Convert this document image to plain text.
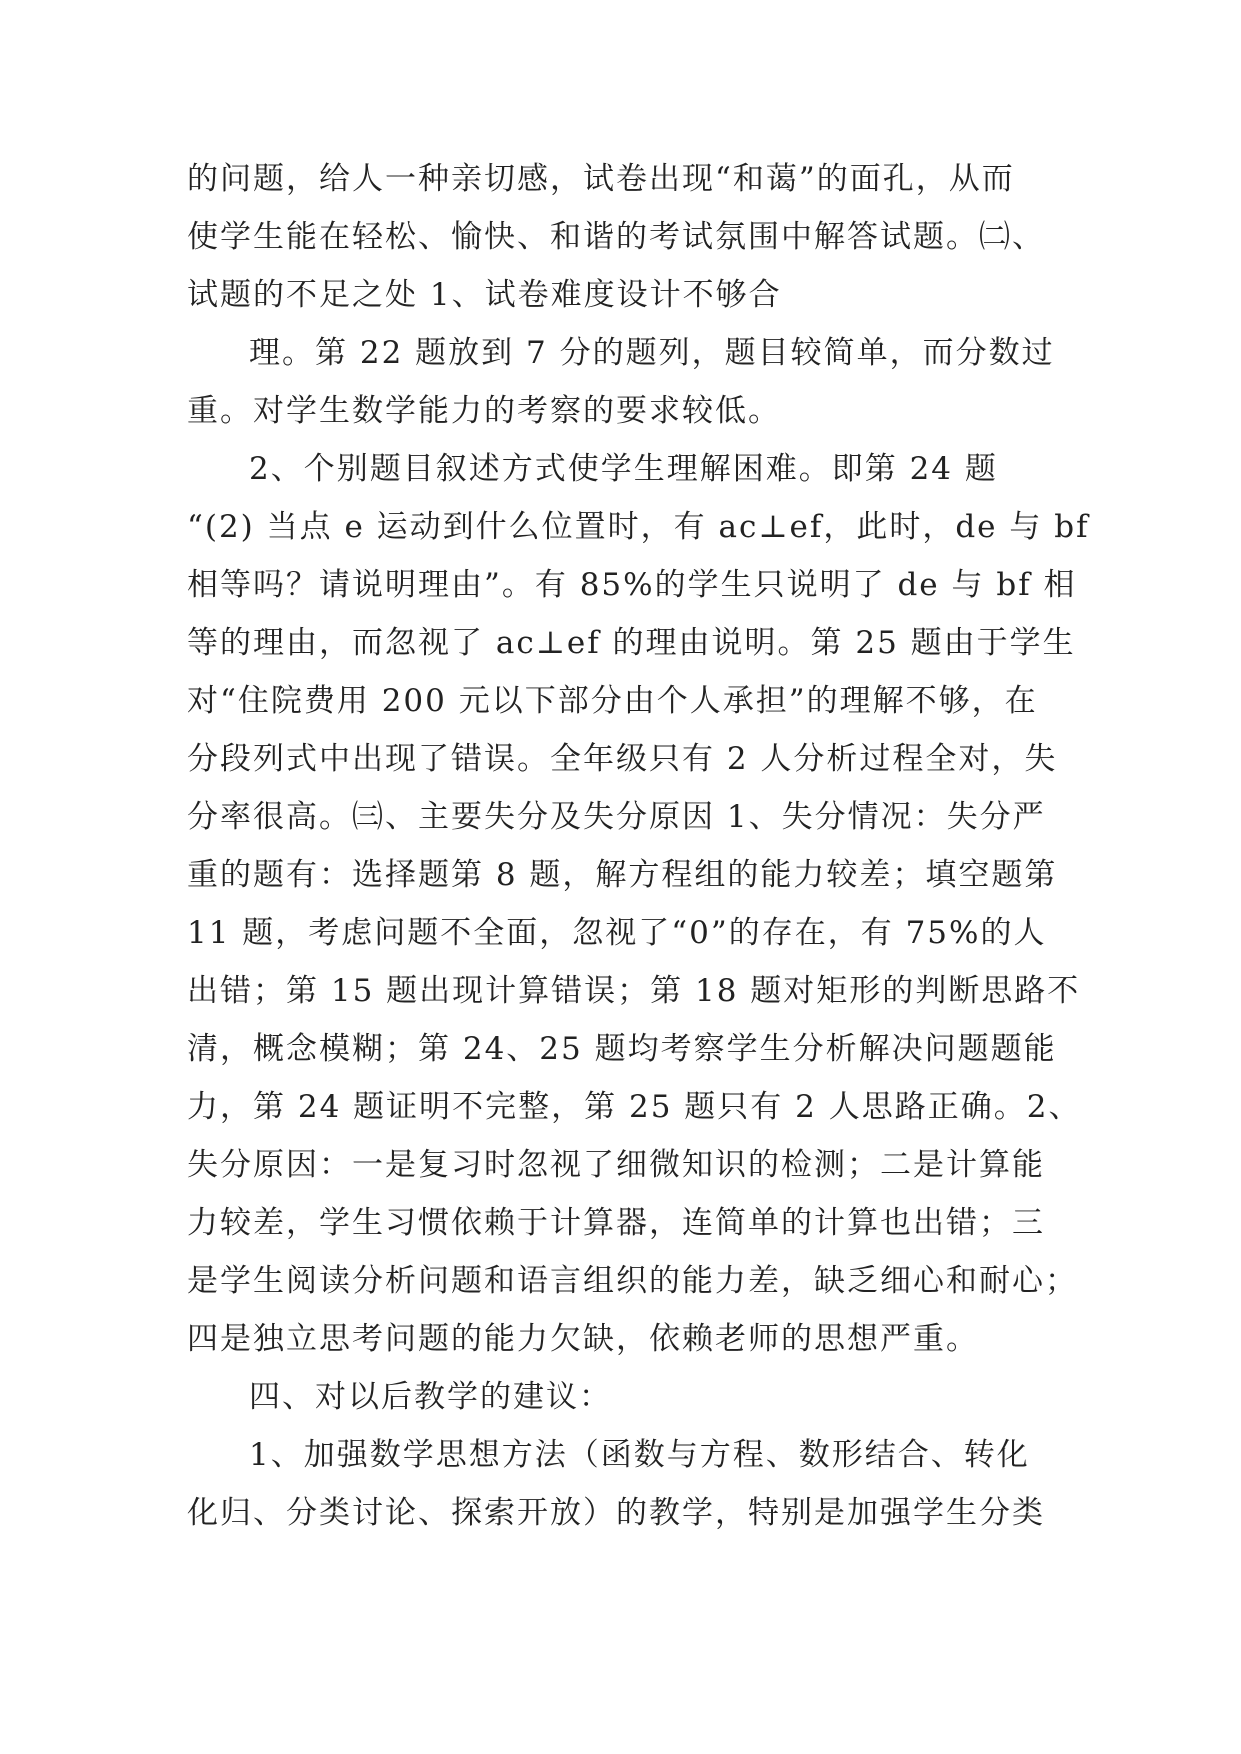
的问题，给人一种亲切感，试卷出现“和蔼”的面孔，从而
使学生能在轻松、愉快、和谐的考试氛围中解答试题。㈡、
试题的不足之处 1、试卷难度设计不够合
理。第 22 题放到 7 分的题列，题目较简单，而分数过
重。对学生数学能力的考察的要求较低。
2、个别题目叙述方式使学生理解困难。即第 24 题
“(2) 当点 e 运动到什么位置时，有 ac⊥ef，此时，de 与 bf
相等吗？请说明理由”。有 85%的学生只说明了 de 与 bf 相
等的理由，而忽视了 ac⊥ef 的理由说明。第 25 题由于学生
对“住院费用 200 元以下部分由个人承担”的理解不够，在
分段列式中出现了错误。全年级只有 2 人分析过程全对，失
分率很高。㈢、主要失分及失分原因 1、失分情况：失分严
重的题有：选择题第 8 题，解方程组的能力较差；填空题第
11 题，考虑问题不全面，忽视了“0”的存在，有 75%的人
出错；第 15 题出现计算错误；第 18 题对矩形的判断思路不
清，概念模糊；第 24、25 题均考察学生分析解决问题题能
力，第 24 题证明不完整，第 25 题只有 2 人思路正确。2、
失分原因：一是复习时忽视了细微知识的检测；二是计算能
力较差，学生习惯依赖于计算器，连简单的计算也出错；三
是学生阅读分析问题和语言组织的能力差，缺乏细心和耐心；
四是独立思考问题的能力欠缺，依赖老师的思想严重。
四、对以后教学的建议：
1、加强数学思想方法（函数与方程、数形结合、转化
化归、分类讨论、探索开放）的教学，特别是加强学生分类
